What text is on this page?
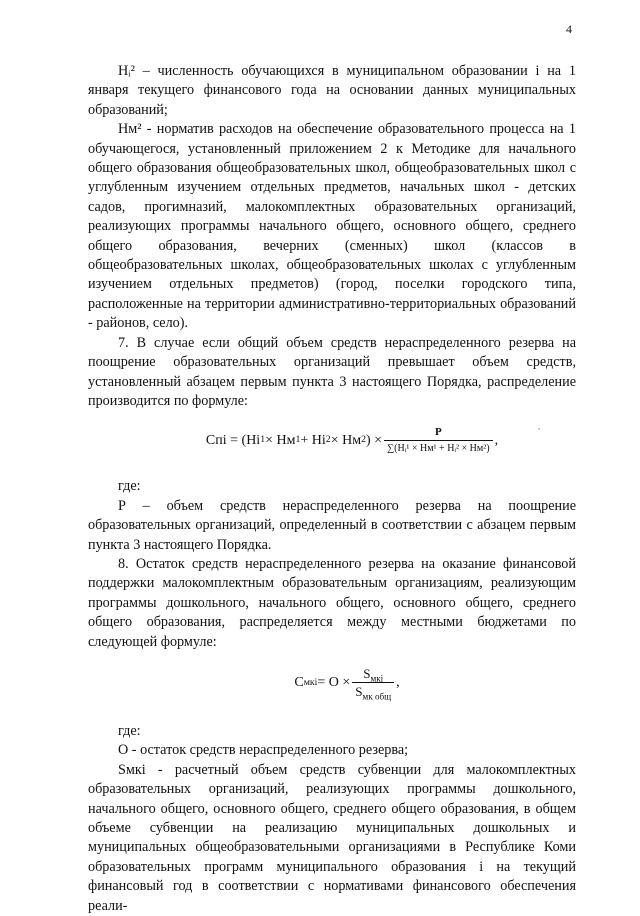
4

Нᵢ² – численность обучающихся в муниципальном образовании i на 1 января текущего финансового года на основании данных муниципальных образований;

Нм² - норматив расходов на обеспечение образовательного процесса на 1 обучающегося, установленный приложением 2 к Методике для начального общего образования общеобразовательных школ, общеобразовательных школ с углубленным изучением отдельных предметов, начальных школ - детских садов, прогимназий, малокомплектных образовательных организаций, реализующих программы начального общего, основного общего, среднего общего образования, вечерних (сменных) школ (классов в общеобразовательных школах, общеобразовательных школах с углубленным изучением отдельных предметов) (город, поселки городского типа, расположенные на территории административно-территориальных образований - районов, село).

7. В случае если общий объем средств нераспределенного резерва на поощрение образовательных организаций превышает объем средств, установленный абзацем первым пункта 3 настоящего Порядка, распределение производится по формуле:

Cпi = (Нi 1 × Нм 1 + Нi 2 × Нм 2 ) × $\frac{P}{\text{∑(Нᵢ¹ × Нм¹ + Нᵢ² × Нм²)}}$ ,

где:

Р – объем средств нераспределенного резерва на поощрение образовательных организаций, определенный в соответствии с абзацем первым пункта 3 настоящего Порядка.

8. Остаток средств нераспределенного резерва на оказание финансовой поддержки малокомплектным образовательным организациям, реализующим программы дошкольного, начального общего, основного общего, среднего общего образования, распределяется между местными бюджетами по следующей формуле:

C мкi = $О \times \frac{S_{мкi}}{S_{мк общ}}$ ,

где:

О - остаток средств нераспределенного резерва;

Sмкi - расчетный объем средств субвенции для малокомплектных образовательных организаций, реализующих программы дошкольного, начального общего, основного общего, среднего общего образования, в общем объеме субвенции на реализацию муниципальных дошкольных и муниципальных общеобразовательными организациями в Республике Коми образовательных программ муниципального образования i на текущий финансовый год в соответствии с нормативами финансового обеспечения реали-
